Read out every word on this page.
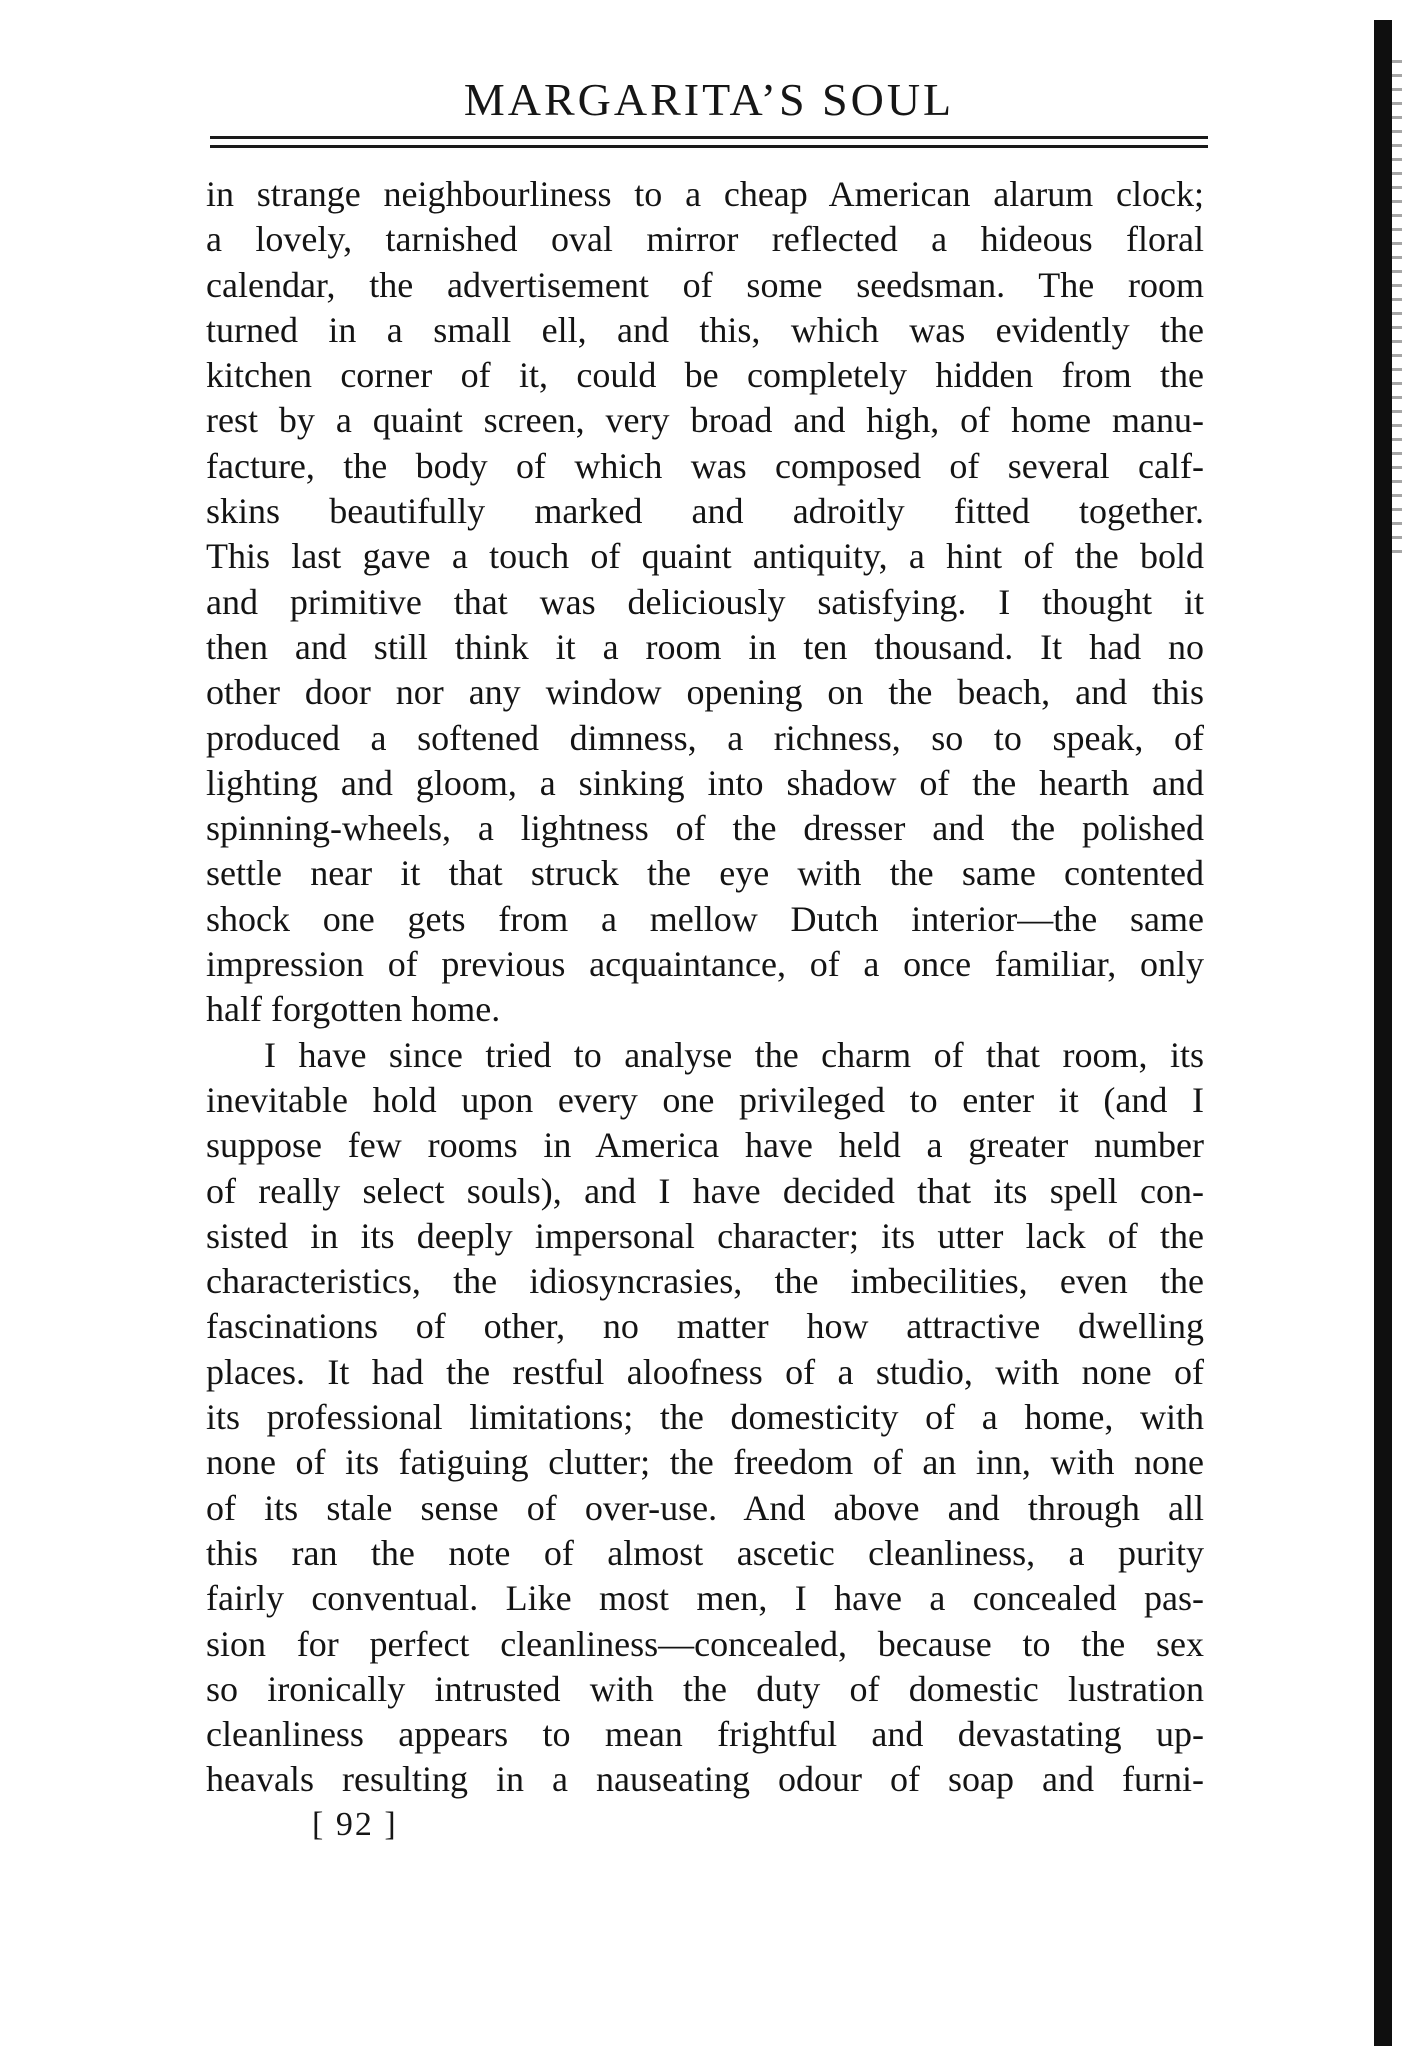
MARGARITA’S SOUL

in strange neighbourliness to a cheap American alarum clock;
a lovely, tarnished oval mirror reflected a hideous floral
calendar, the advertisement of some seedsman. The room
turned in a small ell, and this, which was evidently the
kitchen corner of it, could be completely hidden from the
rest by a quaint screen, very broad and high, of home manu-
facture, the body of which was composed of several calf-
skins beautifully marked and adroitly fitted together.
This last gave a touch of quaint antiquity, a hint of the bold
and primitive that was deliciously satisfying. I thought it
then and still think it a room in ten thousand. It had no
other door nor any window opening on the beach, and this
produced a softened dimness, a richness, so to speak, of
lighting and gloom, a sinking into shadow of the hearth and
spinning-wheels, a lightness of the dresser and the polished
settle near it that struck the eye with the same contented
shock one gets from a mellow Dutch interior—the same
impression of previous acquaintance, of a once familiar, only
half forgotten home.

I have since tried to analyse the charm of that room, its
inevitable hold upon every one privileged to enter it (and I
suppose few rooms in America have held a greater number
of really select souls), and I have decided that its spell con-
sisted in its deeply impersonal character; its utter lack of the
characteristics, the idiosyncrasies, the imbecilities, even the
fascinations of other, no matter how attractive dwelling
places. It had the restful aloofness of a studio, with none of
its professional limitations; the domesticity of a home, with
none of its fatiguing clutter; the freedom of an inn, with none
of its stale sense of over-use. And above and through all
this ran the note of almost ascetic cleanliness, a purity
fairly conventual. Like most men, I have a concealed pas-
sion for perfect cleanliness—concealed, because to the sex
so ironically intrusted with the duty of domestic lustration
cleanliness appears to mean frightful and devastating up-
heavals resulting in a nauseating odour of soap and furni-

[ 92 ]
